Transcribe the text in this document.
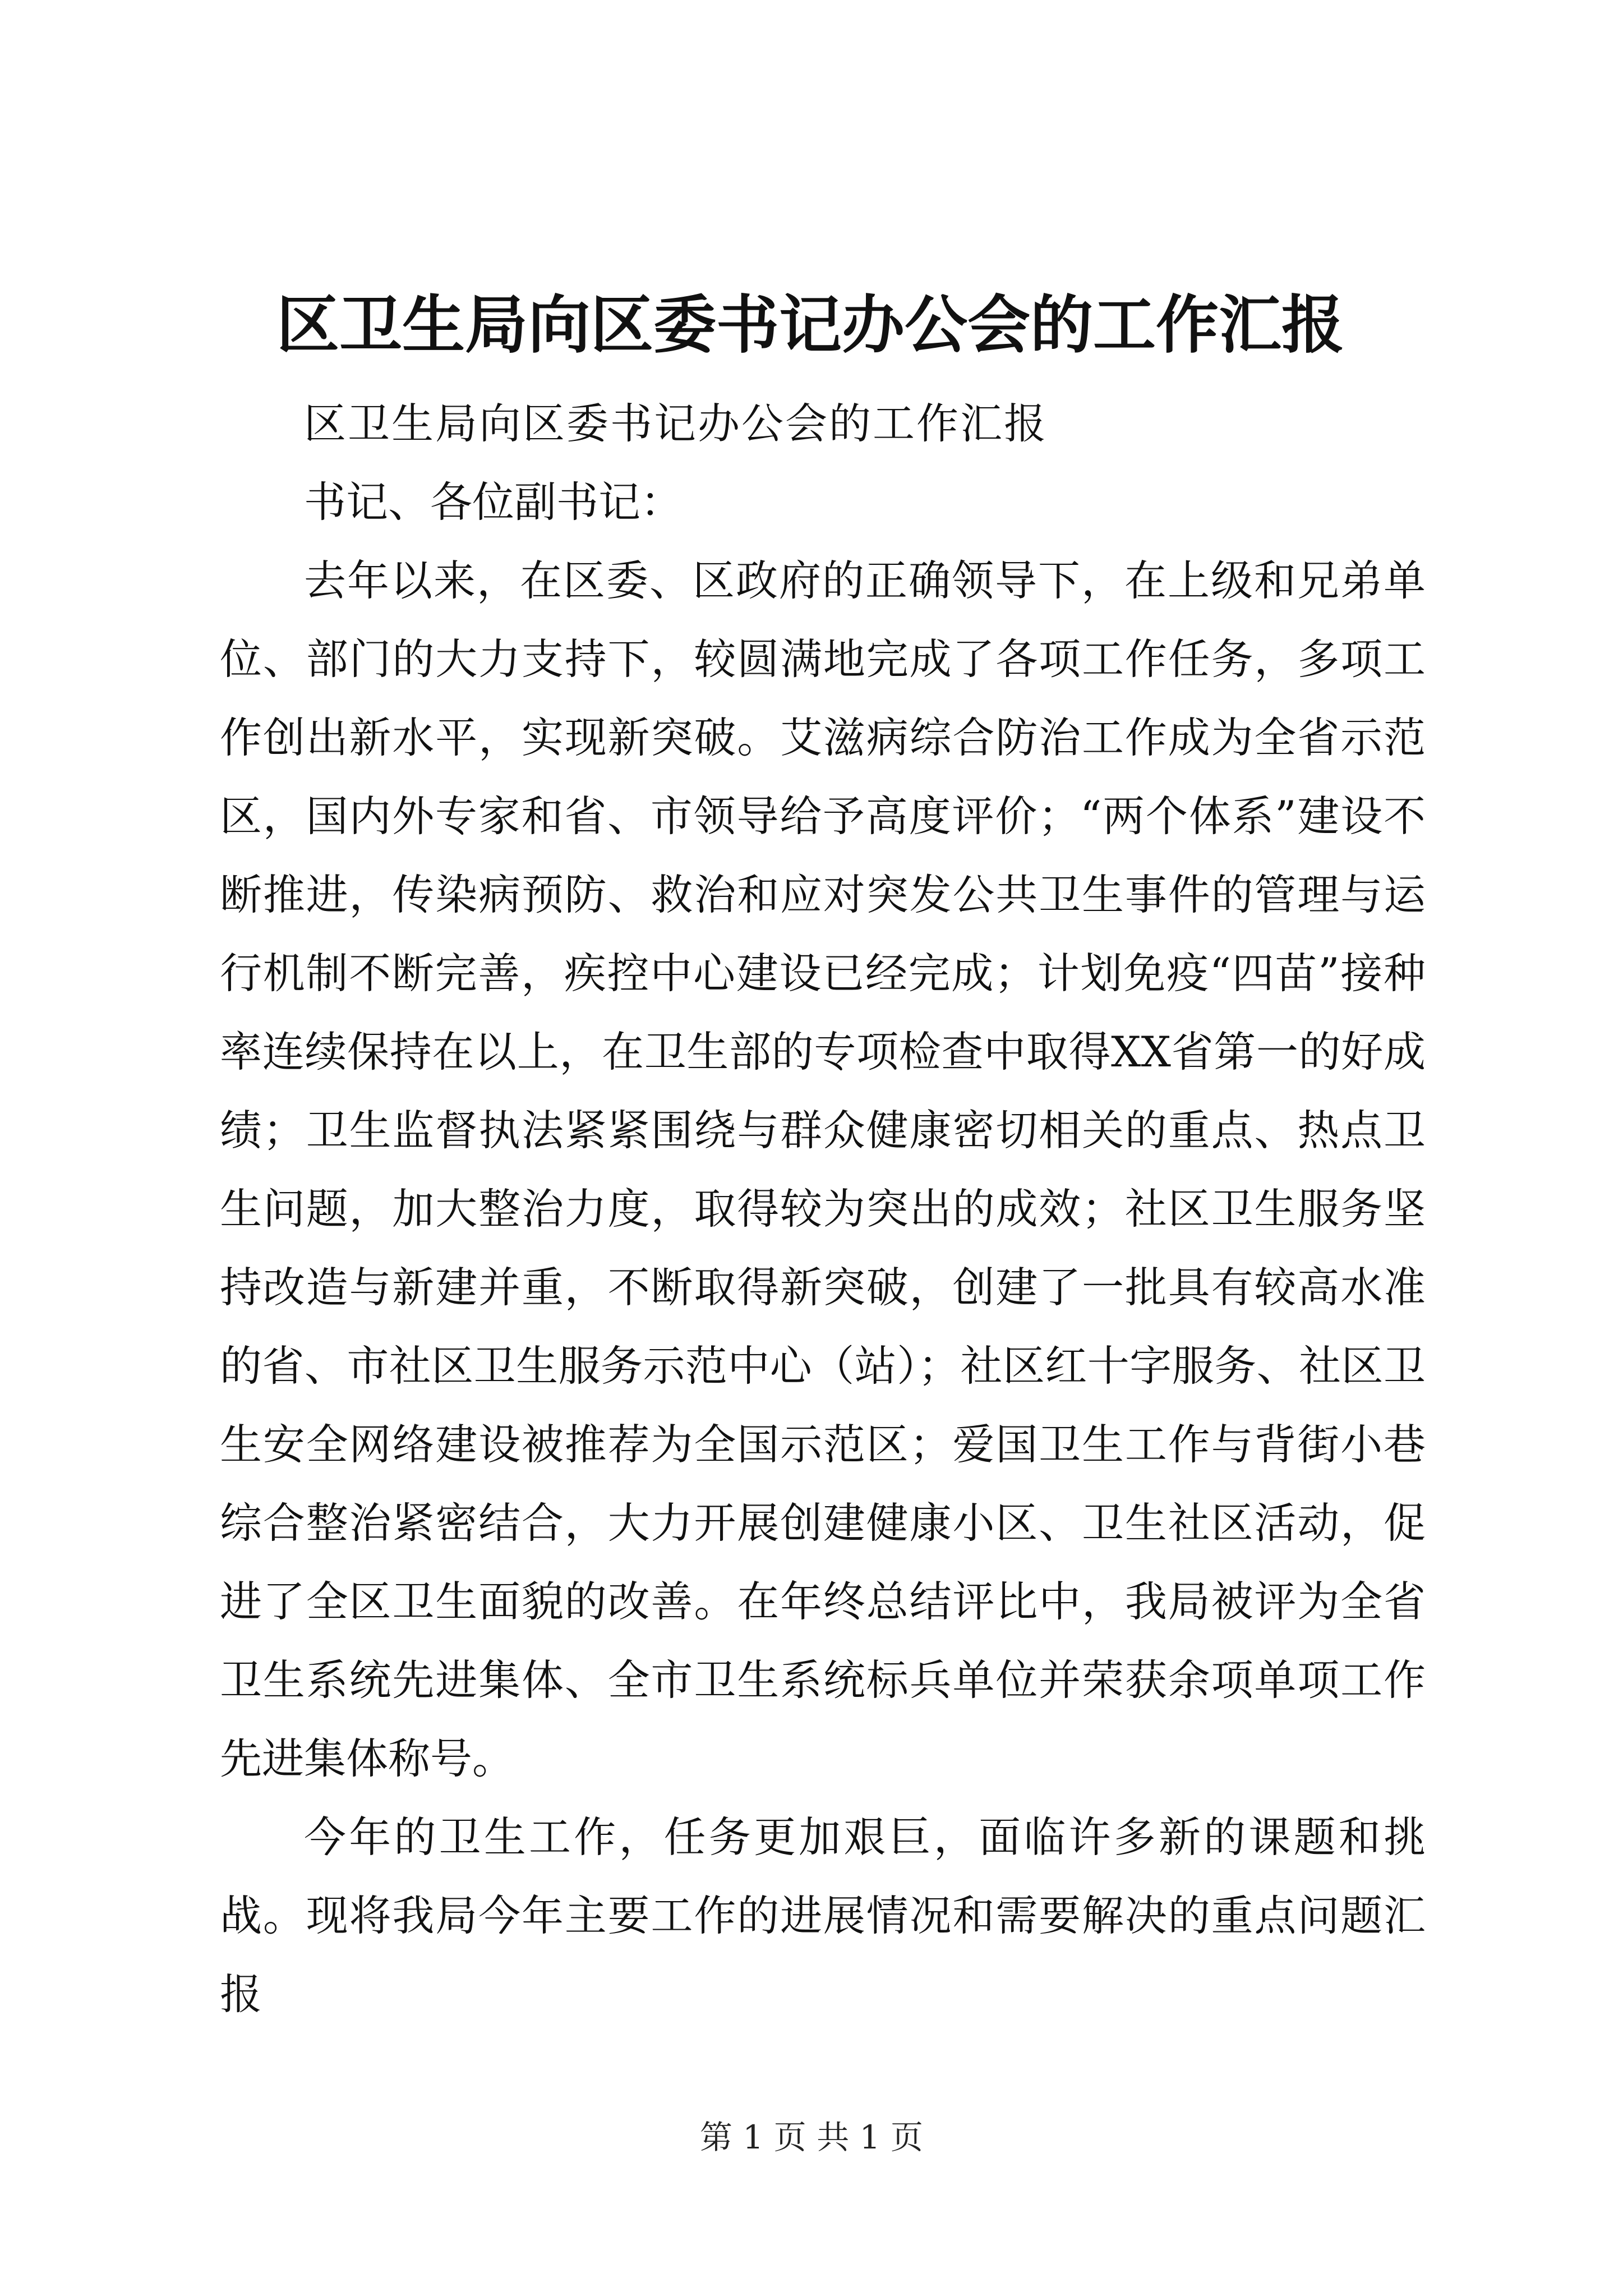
区卫生局向区委书记办公会的工作汇报

区卫生局向区委书记办公会的工作汇报

书记、各位副书记：

去年以来，在区委、区政府的正确领导下，在上级和兄弟单位、部门的大力支持下，较圆满地完成了各项工作任务，多项工作创出新水平，实现新突破。艾滋病综合防治工作成为全省示范区，国内外专家和省、市领导给予高度评价；“两个体系”建设不断推进，传染病预防、救治和应对突发公共卫生事件的管理与运行机制不断完善，疾控中心建设已经完成；计划免疫“四苗”接种率连续保持在以上，在卫生部的专项检查中取得XX省第一的好成绩；卫生监督执法紧紧围绕与群众健康密切相关的重点、热点卫生问题，加大整治力度，取得较为突出的成效；社区卫生服务坚持改造与新建并重，不断取得新突破，创建了一批具有较高水准的省、市社区卫生服务示范中心（站）；社区红十字服务、社区卫生安全网络建设被推荐为全国示范区；爱国卫生工作与背街小巷综合整治紧密结合，大力开展创建健康小区、卫生社区活动，促进了全区卫生面貌的改善。在年终总结评比中，我局被评为全省卫生系统先进集体、全市卫生系统标兵单位并荣获余项单项工作先进集体称号。

今年的卫生工作，任务更加艰巨，面临许多新的课题和挑战。现将我局今年主要工作的进展情况和需要解决的重点问题汇报

第 1 页 共 1 页
